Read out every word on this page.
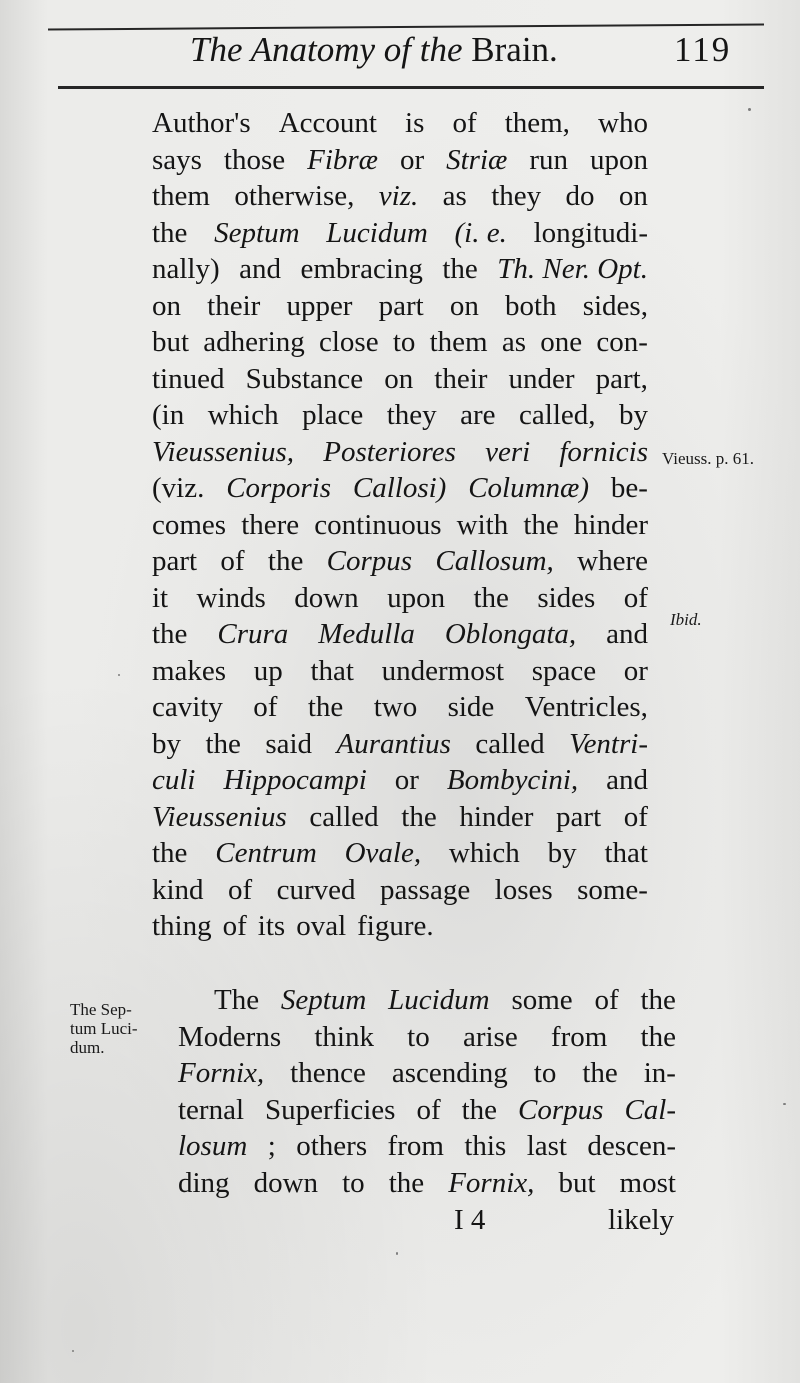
The Anatomy of the Brain.	119
Author's Account is of them, who
says those Fibræ or Striæ run upon
them otherwise, viz. as they do on
the Septum Lucidum (i. e. longitudi-
nally) and embracing the Th. Ner. Opt.
on their upper part on both sides,
but adhering close to them as one con-
tinued Substance on their under part,
(in which place they are called, by
Vieussenius, Posteriores veri fornicis
(viz. Corporis Callosi) Columnæ) be-
comes there continuous with the hinder
part of the Corpus Callosum, where
it winds down upon the sides of
the Crura Medulla Oblongata, and
makes up that undermost space or
cavity of the two side Ventricles,
by the said Aurantius called Ventri-
culi Hippocampi or Bombycini, and
Vieussenius called the hinder part of
the Centrum Ovale, which by that
kind of curved passage loses some-
thing of its oval figure.
The Septum Lucidum some of the
Moderns think to arise from the
Fornix, thence ascending to the in-
ternal Superficies of the Corpus Cal-
losum ; others from this last descen-
ding down to the Fornix, but most
Vieuss. p. 61.
Ibid.
The Sep-
tum Luci-
dum.
I 4	likely
